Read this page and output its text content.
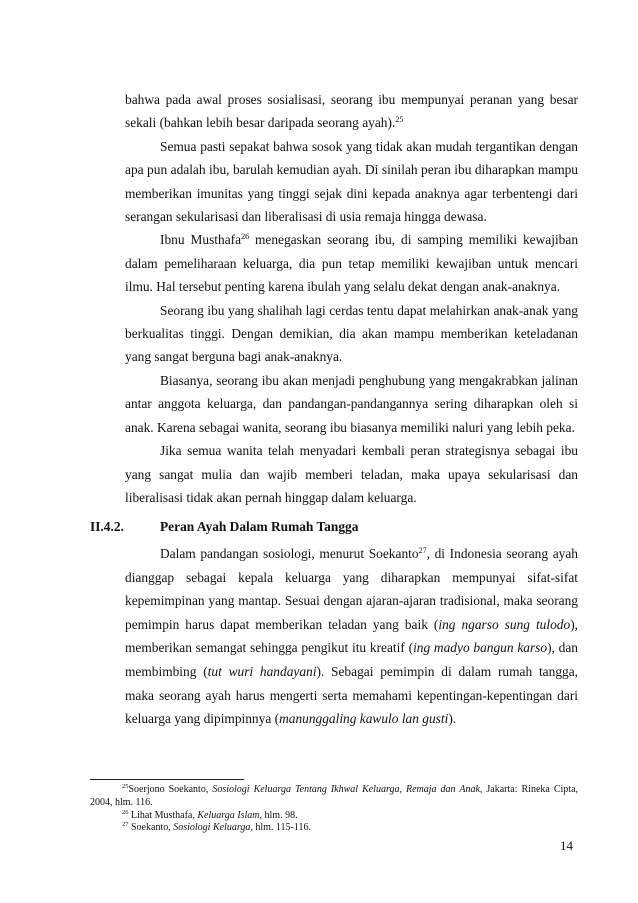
bahwa pada awal proses sosialisasi, seorang ibu mempunyai peranan yang besar sekali (bahkan lebih besar daripada seorang ayah).$^{25}$

Semua pasti sepakat bahwa sosok yang tidak akan mudah tergantikan dengan apa pun adalah ibu, barulah kemudian ayah. Di sinilah peran ibu diharapkan mampu memberikan imunitas yang tinggi sejak dini kepada anaknya agar terbentengi dari serangan sekularisasi dan liberalisasi di usia remaja hingga dewasa.

Ibnu Musthafa$^{26}$ menegaskan seorang ibu, di samping memiliki kewajiban dalam pemeliharaan keluarga, dia pun tetap memiliki kewajiban untuk mencari ilmu. Hal tersebut penting karena ibulah yang selalu dekat dengan anak-anaknya.

Seorang ibu yang shalihah lagi cerdas tentu dapat melahirkan anak-anak yang berkualitas tinggi. Dengan demikian, dia akan mampu memberikan keteladanan yang sangat berguna bagi anak-anaknya.

Biasanya, seorang ibu akan menjadi penghubung yang mengakrabkan jalinan antar anggota keluarga, dan pandangan-pandangannya sering diharapkan oleh si anak. Karena sebagai wanita, seorang ibu biasanya memiliki naluri yang lebih peka.

Jika semua wanita telah menyadari kembali peran strategisnya sebagai ibu yang sangat mulia dan wajib memberi teladan, maka upaya sekularisasi dan liberalisasi tidak akan pernah hinggap dalam keluarga.

II.4.2.	Peran Ayah Dalam Rumah Tangga

Dalam pandangan sosiologi, menurut Soekanto$^{27}$, di Indonesia seorang ayah dianggap sebagai kepala keluarga yang diharapkan mempunyai sifat-sifat kepemimpinan yang mantap. Sesuai dengan ajaran-ajaran tradisional, maka seorang pemimpin harus dapat memberikan teladan yang baik (ing ngarso sung tulodo), memberikan semangat sehingga pengikut itu kreatif (ing madyo bangun karso), dan membimbing (tut wuri handayani). Sebagai pemimpin di dalam rumah tangga, maka seorang ayah harus mengerti serta memahami kepentingan-kepentingan dari keluarga yang dipimpinnya (manunggaling kawulo lan gusti).

$^{25}$Soerjono Soekanto, Sosiologi Keluarga Tentang Ikhwal Keluarga, Remaja dan Anak, Jakarta: Rineka Cipta, 2004, hlm. 116.

$^{26}$ Lihat Musthafa, Keluarga Islam, hlm. 98.

$^{27}$ Soekanto, Sosiologi Keluarga, hlm. 115-116.

14
